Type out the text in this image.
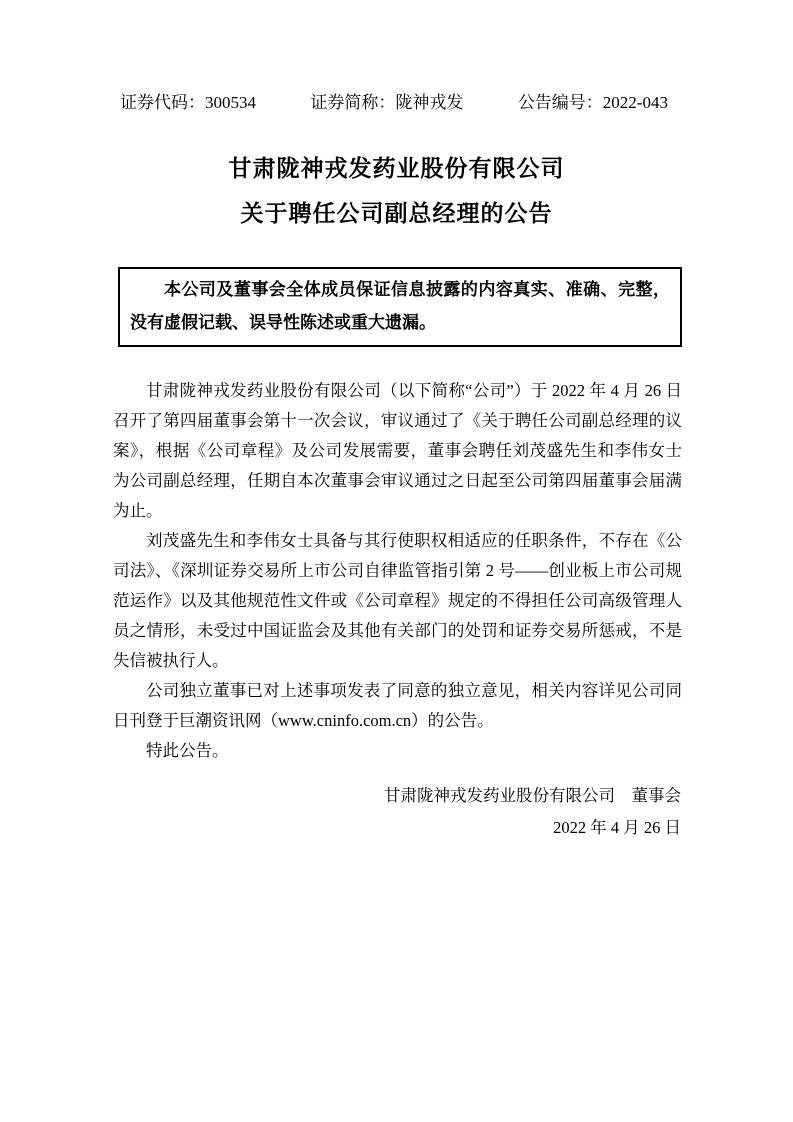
证券代码：300534	证券简称：陇神戎发	公告编号：2022-043
甘肃陇神戎发药业股份有限公司
关于聘任公司副总经理的公告

本公司及董事会全体成员保证信息披露的内容真实、准确、完整，没有虚假记载、误导性陈述或重大遗漏。

甘肃陇神戎发药业股份有限公司（以下简称“公司”）于 2022 年 4 月 26 日召开了第四届董事会第十一次会议，审议通过了《关于聘任公司副总经理的议案》，根据《公司章程》及公司发展需要，董事会聘任刘茂盛先生和李伟女士为公司副总经理，任期自本次董事会审议通过之日起至公司第四届董事会届满为止。

刘茂盛先生和李伟女士具备与其行使职权相适应的任职条件，不存在《公司法》、《深圳证券交易所上市公司自律监管指引第 2 号——创业板上市公司规范运作》以及其他规范性文件或《公司章程》规定的不得担任公司高级管理人员之情形，未受过中国证监会及其他有关部门的处罚和证券交易所惩戒，不是失信被执行人。

公司独立董事已对上述事项发表了同意的独立意见，相关内容详见公司同日刊登于巨潮资讯网（www.cninfo.com.cn）的公告。

特此公告。

甘肃陇神戎发药业股份有限公司　董事会

2022 年 4 月 26 日
